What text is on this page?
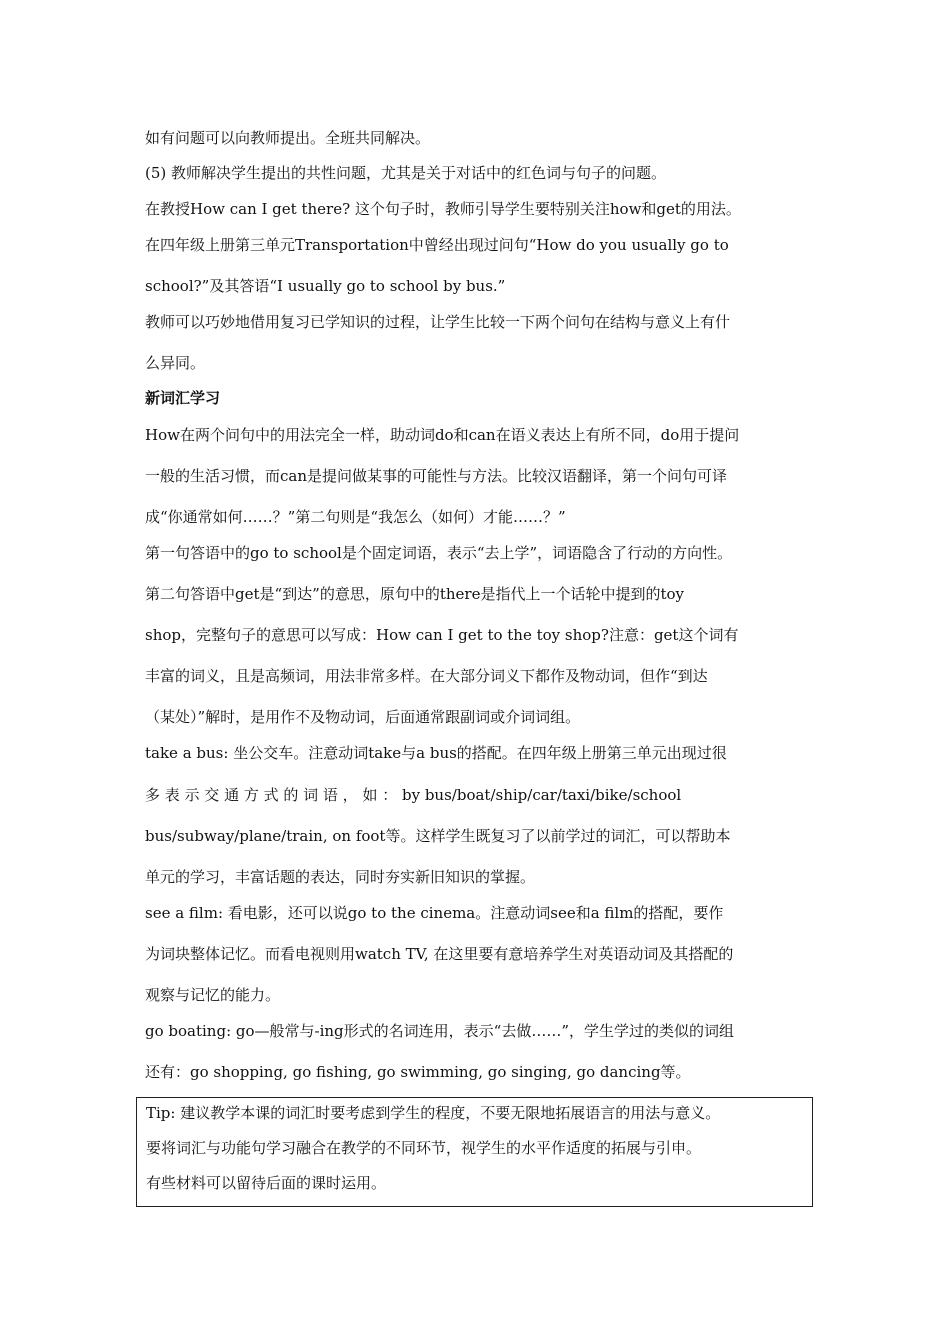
如有问题可以向教师提出。全班共同解决。

(5) 教师解决学生提出的共性问题，尤其是关于对话中的红色词与句子的问题。

在教授How can I get there? 这个句子时，教师引导学生要特别关注how和get的用法。

在四年级上册第三单元Transportation中曾经出现过问句“How do you usually go to

school?”及其答语“I usually go to school by bus.”

教师可以巧妙地借用复习已学知识的过程，让学生比较一下两个问句在结构与意义上有什

么异同。

新词汇学习

How在两个问句中的用法完全一样，助动词do和can在语义表达上有所不同，do用于提问

一般的生活习惯，而can是提问做某事的可能性与方法。比较汉语翻译，第一个问句可译

成“你通常如何……？”第二句则是“我怎么（如何）才能……？”

第一句答语中的go to school是个固定词语，表示“去上学”，词语隐含了行动的方向性。

第二句答语中get是“到达”的意思，原句中的there是指代上一个话轮中提到的toy

shop，完整句子的意思可以写成：How can I get to the toy shop?注意：get这个词有

丰富的词义，且是高频词，用法非常多样。在大部分词义下都作及物动词，但作“到达

（某处）”解时，是用作不及物动词，后面通常跟副词或介词词组。

take a bus: 坐公交车。注意动词take与a bus的搭配。在四年级上册第三单元出现过很

多 表 示 交 通 方 式 的 词 语 ， 如 ： by bus/boat/ship/car/taxi/bike/school

bus/subway/plane/train, on foot等。这样学生既复习了以前学过的词汇，可以帮助本

单元的学习，丰富话题的表达，同时夯实新旧知识的掌握。

see a film: 看电影，还可以说go to the cinema。注意动词see和a film的搭配，要作

为词块整体记忆。而看电视则用watch TV, 在这里要有意培养学生对英语动词及其搭配的

观察与记忆的能力。

go boating: go—般常与-ing形式的名词连用，表示“去做……”，学生学过的类似的词组

还有：go shopping, go fishing, go swimming, go singing, go dancing等。

Tip: 建议教学本课的词汇时要考虑到学生的程度，不要无限地拓展语言的用法与意义。

要将词汇与功能句学习融合在教学的不同环节，视学生的水平作适度的拓展与引申。

有些材料可以留待后面的课时运用。
